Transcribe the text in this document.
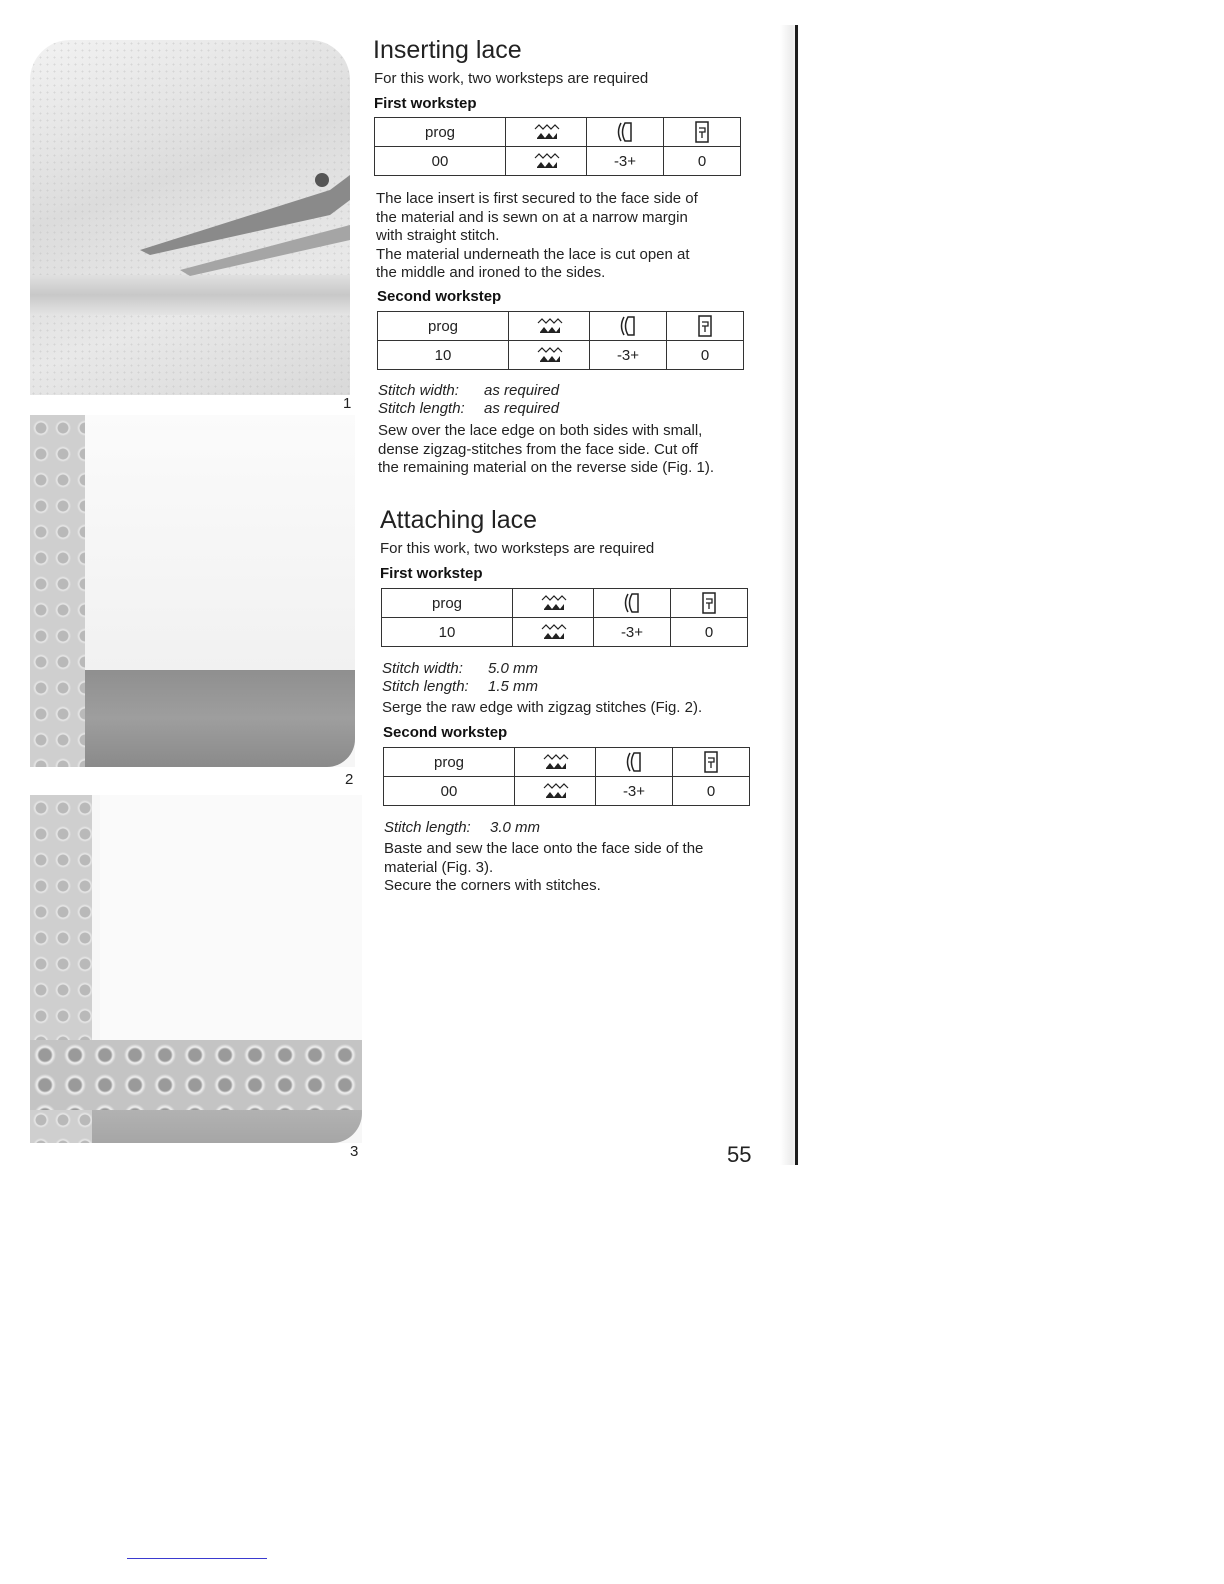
1
2
3
Inserting lace
For this work, two worksteps are required
First workstep
prog			
00		-3+	0
The lace insert is first secured to the face side of
the material and is sewn on at a narrow margin
with straight stitch.
The material underneath the lace is cut open at
the middle and ironed to the sides.
Second workstep
prog			
10		-3+	0
Stitch width: as required
Stitch length: as required
Sew over the lace edge on both sides with small,
dense zigzag-stitches from the face side. Cut off
the remaining material on the reverse side (Fig. 1).
Attaching lace
For this work, two worksteps are required
First workstep
prog			
10		-3+	0
Stitch width: 5.0 mm
Stitch length: 1.5 mm
Serge the raw edge with zigzag stitches (Fig. 2).
Second workstep
prog			
00		-3+	0
Stitch length: 3.0 mm
Baste and sew the lace onto the face side of the
material (Fig. 3).
Secure the corners with stitches.
55
